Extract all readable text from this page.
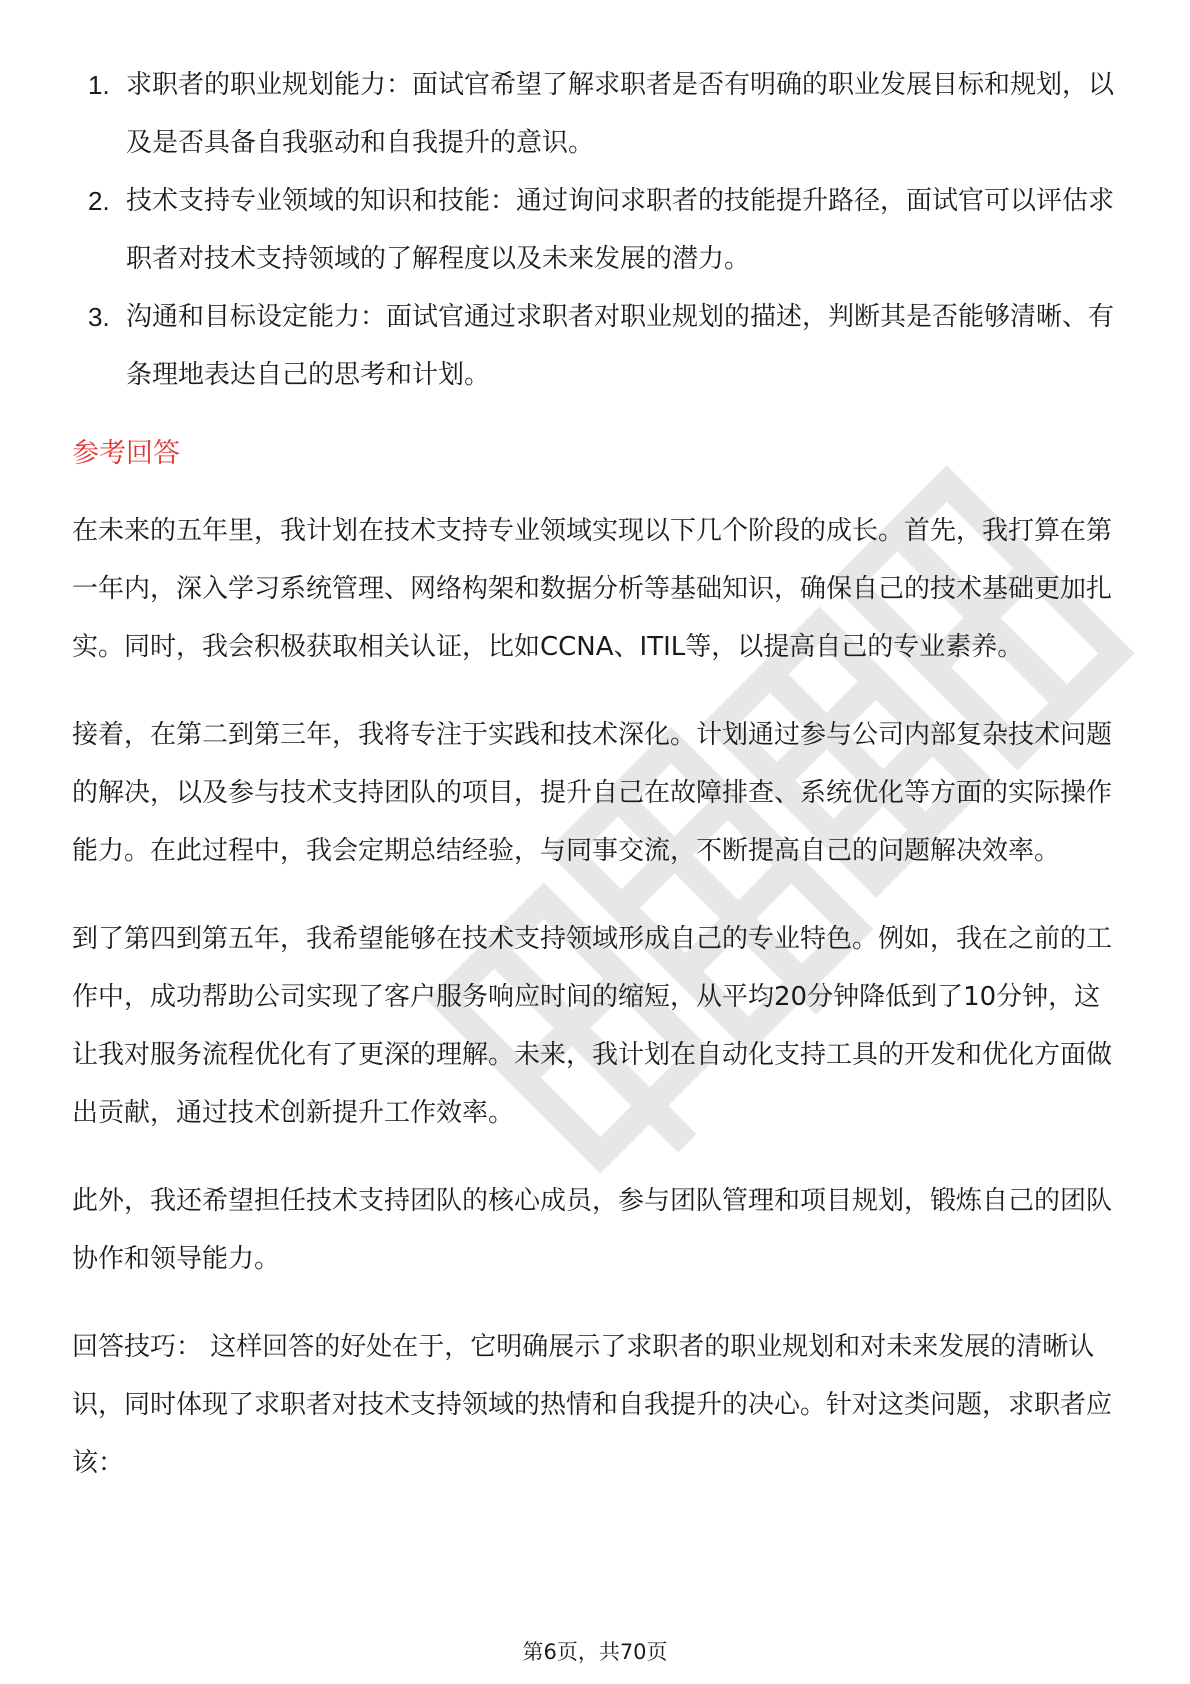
1. 求职者的职业规划能力：面试官希望了解求职者是否有明确的职业发展目标和规划，以及是否具备自我驱动和自我提升的意识。
2. 技术支持专业领域的知识和技能：通过询问求职者的技能提升路径，面试官可以评估求职者对技术支持领域的了解程度以及未来发展的潜力。
3. 沟通和目标设定能力：面试官通过求职者对职业规划的描述，判断其是否能够清晰、有条理地表达自己的思考和计划。
参考回答

在未来的五年里，我计划在技术支持专业领域实现以下几个阶段的成长。首先，我打算在第一年内，深入学习系统管理、网络构架和数据分析等基础知识，确保自己的技术基础更加扎实。同时，我会积极获取相关认证，比如CCNA、ITIL等，以提高自己的专业素养。

接着，在第二到第三年，我将专注于实践和技术深化。计划通过参与公司内部复杂技术问题的解决，以及参与技术支持团队的项目，提升自己在故障排查、系统优化等方面的实际操作能力。在此过程中，我会定期总结经验，与同事交流，不断提高自己的问题解决效率。

到了第四到第五年，我希望能够在技术支持领域形成自己的专业特色。例如，我在之前的工作中，成功帮助公司实现了客户服务响应时间的缩短，从平均20分钟降低到了10分钟，这让我对服务流程优化有了更深的理解。未来，我计划在自动化支持工具的开发和优化方面做出贡献，通过技术创新提升工作效率。

此外，我还希望担任技术支持团队的核心成员，参与团队管理和项目规划，锻炼自己的团队协作和领导能力。

回答技巧： 这样回答的好处在于，它明确展示了求职者的职业规划和对未来发展的清晰认识，同时体现了求职者对技术支持领域的热情和自我提升的决心。针对这类问题，求职者应该：

第6页，共70页
